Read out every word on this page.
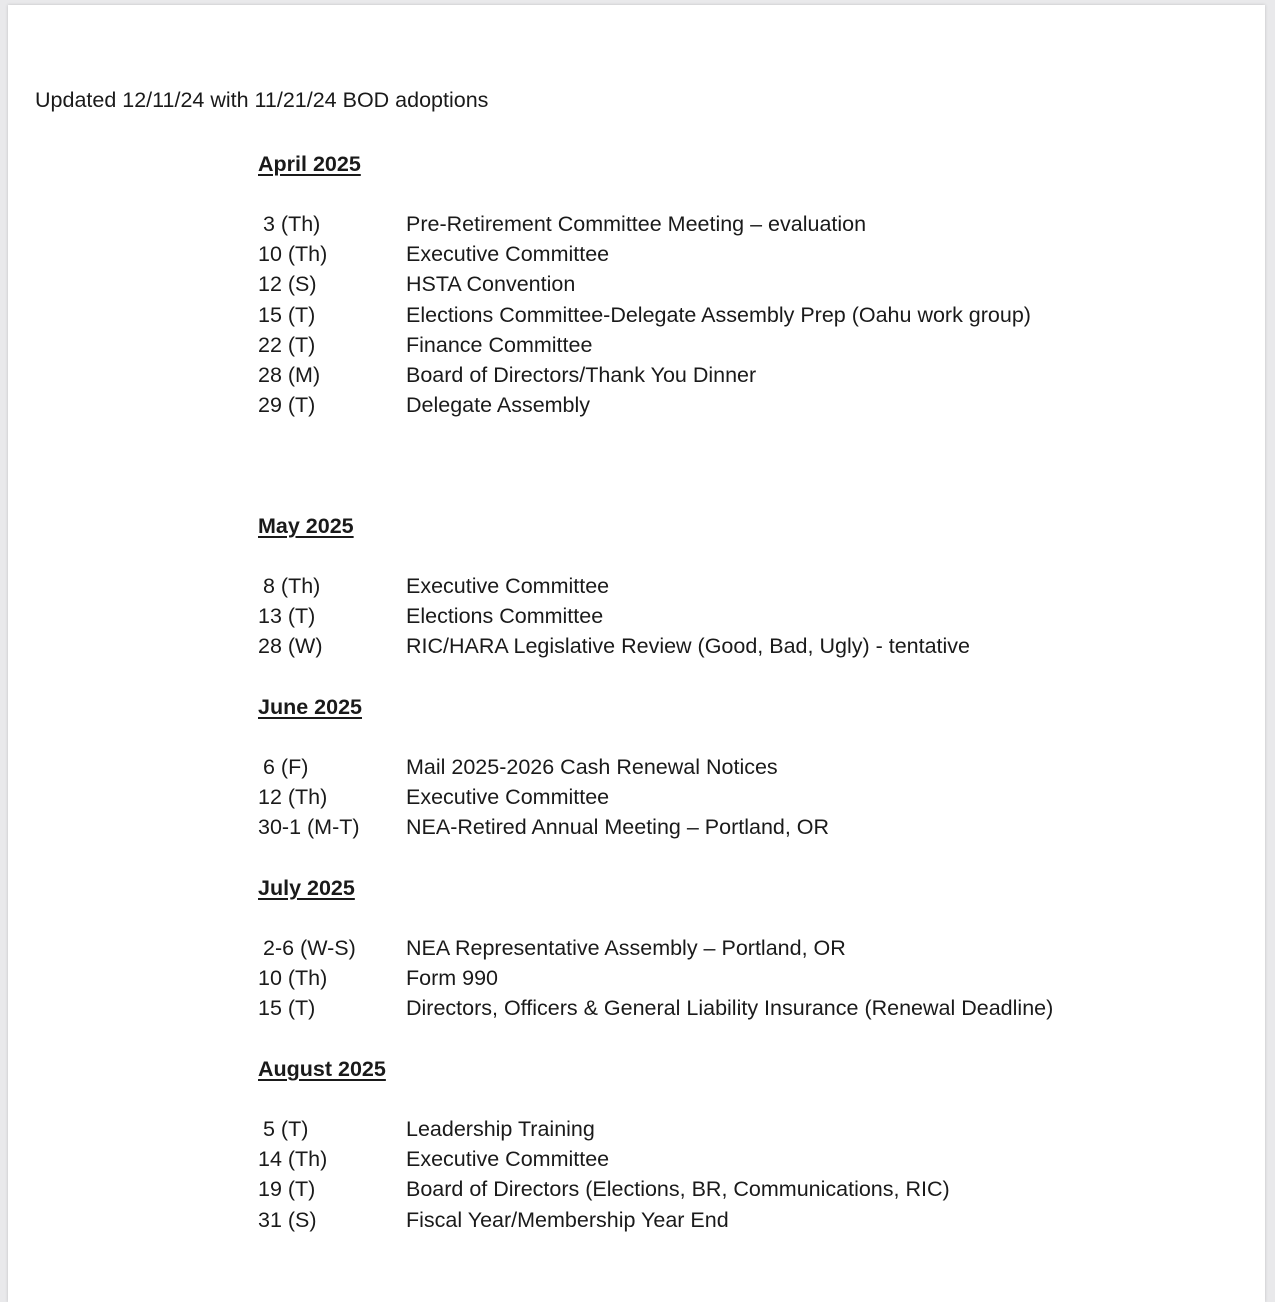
Updated 12/11/24 with 11/21/24 BOD adoptions
April 2025
3 (Th)	Pre-Retirement Committee Meeting – evaluation
10 (Th)	Executive Committee
12 (S)	HSTA Convention
15 (T)	Elections Committee-Delegate Assembly Prep (Oahu work group)
22 (T)	Finance Committee
28 (M)	Board of Directors/Thank You Dinner
29 (T)	Delegate Assembly
May 2025
8 (Th)	Executive Committee
13 (T)	Elections Committee
28 (W)	RIC/HARA Legislative Review (Good, Bad, Ugly) - tentative
June 2025
6 (F)	Mail 2025-2026 Cash Renewal Notices
12 (Th)	Executive Committee
30-1 (M-T)	NEA-Retired Annual Meeting – Portland, OR
July 2025
2-6 (W-S)	NEA Representative Assembly – Portland, OR
10 (Th)	Form 990
15 (T)	Directors, Officers & General Liability Insurance (Renewal Deadline)
August 2025
5 (T)	Leadership Training
14 (Th)	Executive Committee
19 (T)	Board of Directors (Elections, BR, Communications, RIC)
31 (S)	Fiscal Year/Membership Year End
